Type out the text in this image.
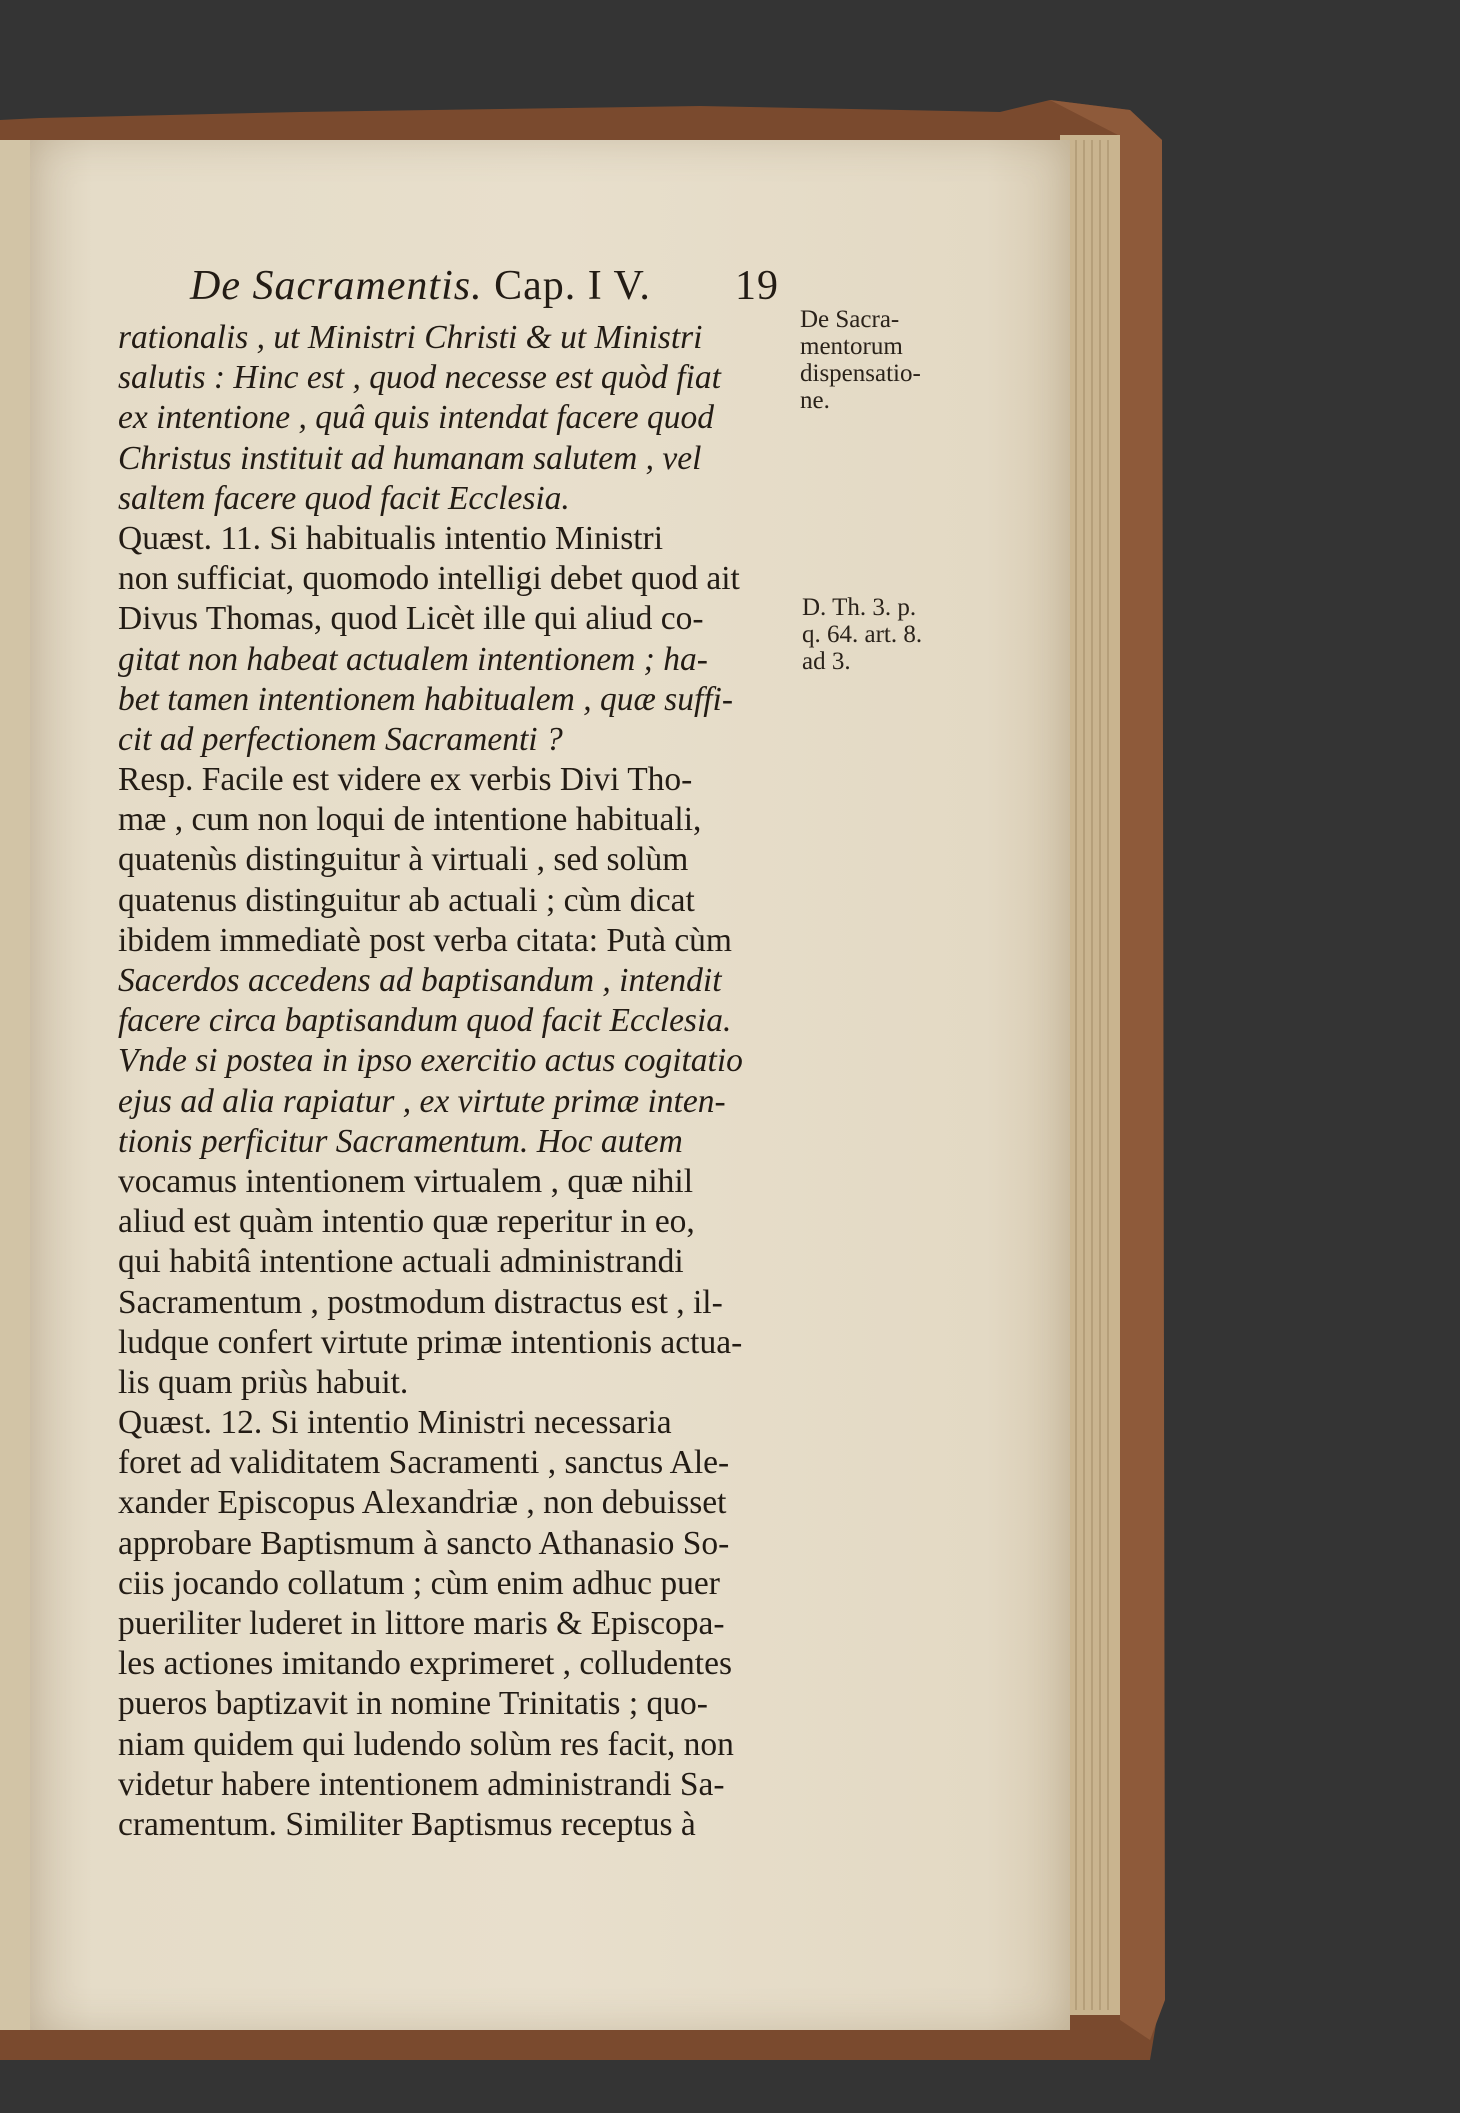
De Sacramentis. Cap. I V. 19
rationalis , ut Ministri Christi & ut Ministri
salutis : Hinc est , quod necesse est quòd fiat
ex intentione , quâ quis intendat facere quod
Christus instituit ad humanam salutem , vel
saltem facere quod facit Ecclesia.
Quæst. 11. Si habitualis intentio Ministri
non sufficiat, quomodo intelligi debet quod ait
Divus Thomas, quod Licèt ille qui aliud co-
gitat non habeat actualem intentionem ; ha-
bet tamen intentionem habitualem , quæ suffi-
cit ad perfectionem Sacramenti ?
Resp. Facile est videre ex verbis Divi Tho-
mæ , cum non loqui de intentione habituali,
quatenùs distinguitur à virtuali , sed solùm
quatenus distinguitur ab actuali ; cùm dicat
ibidem immediatè post verba citata: Putà cùm
Sacerdos accedens ad baptisandum , intendit
facere circa baptisandum quod facit Ecclesia.
Vnde si postea in ipso exercitio actus cogitatio
ejus ad alia rapiatur , ex virtute primæ inten-
tionis perficitur Sacramentum. Hoc autem
vocamus intentionem virtualem , quæ nihil
aliud est quàm intentio quæ reperitur in eo,
qui habitâ intentione actuali administrandi
Sacramentum , postmodum distractus est , il-
ludque confert virtute primæ intentionis actua-
lis quam priùs habuit.
Quæst. 12. Si intentio Ministri necessaria
foret ad validitatem Sacramenti , sanctus Ale-
xander Episcopus Alexandriæ , non debuisset
approbare Baptismum à sancto Athanasio So-
ciis jocando collatum ; cùm enim adhuc puer
pueriliter luderet in littore maris & Episcopa-
les actiones imitando exprimeret , colludentes
pueros baptizavit in nomine Trinitatis ; quo-
niam quidem qui ludendo solùm res facit, non
videtur habere intentionem administrandi Sa-
cramentum. Similiter Baptismus receptus à
De Sacra-
mentorum
dispensatio-
ne.
D. Th. 3. p.
q. 64. art. 8.
ad 3.
